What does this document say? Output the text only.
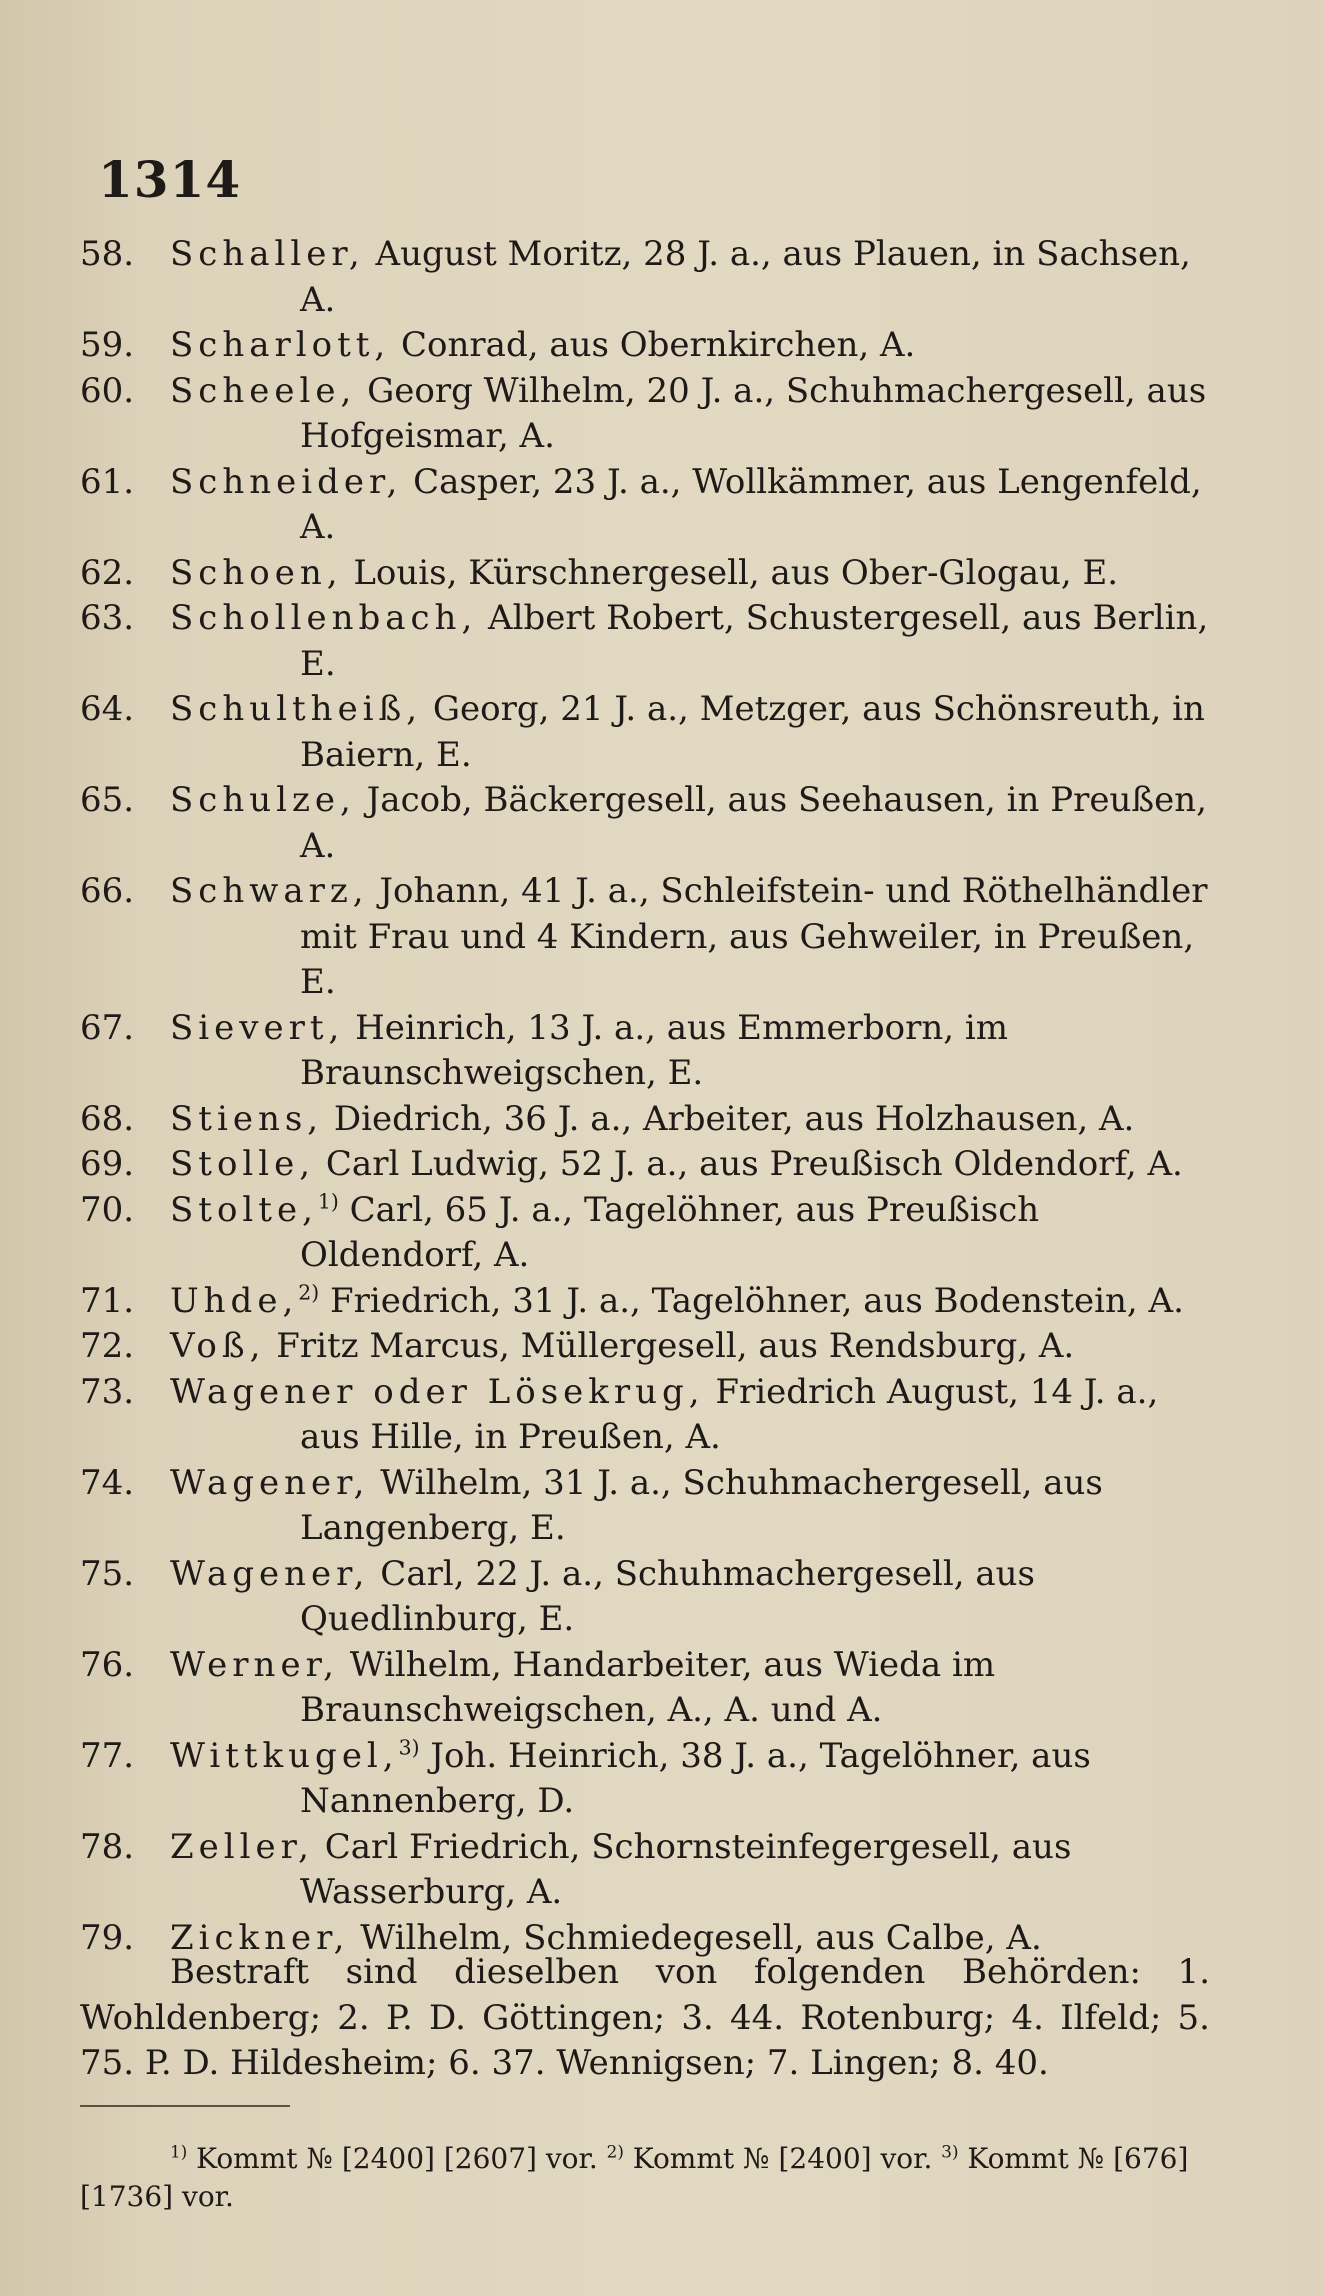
1314

58. Schaller, August Moritz, 28 J. a., aus Plauen, in Sachsen, A.

59. Scharlott, Conrad, aus Obernkirchen, A.

60. Scheele, Georg Wilhelm, 20 J. a., Schuhmachergesell, aus Hofgeismar, A.

61. Schneider, Casper, 23 J. a., Wollkämmer, aus Lengenfeld, A.

62. Schoen, Louis, Kürschnergesell, aus Ober-Glogau, E.

63. Schollenbach, Albert Robert, Schustergesell, aus Berlin, E.

64. Schultheiß, Georg, 21 J. a., Metzger, aus Schönsreuth, in Baiern, E.

65. Schulze, Jacob, Bäckergesell, aus Seehausen, in Preußen, A.

66. Schwarz, Johann, 41 J. a., Schleifstein- und Röthelhändler mit Frau und 4 Kindern, aus Gehweiler, in Preußen, E.

67. Sievert, Heinrich, 13 J. a., aus Emmerborn, im Braunschweigschen, E.

68. Stiens, Diedrich, 36 J. a., Arbeiter, aus Holzhausen, A.

69. Stolle, Carl Ludwig, 52 J. a., aus Preußisch Oldendorf, A.

70. Stolte,$^{1)}$ Carl, 65 J. a., Tagelöhner, aus Preußisch Oldendorf, A.

71. Uhde,$^{2)}$ Friedrich, 31 J. a., Tagelöhner, aus Bodenstein, A.

72. Voß, Fritz Marcus, Müllergesell, aus Rendsburg, A.

73. Wagener oder Lösekrug, Friedrich August, 14 J. a., aus Hille, in Preußen, A.

74. Wagener, Wilhelm, 31 J. a., Schuhmachergesell, aus Langenberg, E.

75. Wagener, Carl, 22 J. a., Schuhmachergesell, aus Quedlinburg, E.

76. Werner, Wilhelm, Handarbeiter, aus Wieda im Braunschweigschen, A., A. und A.

77. Wittkugel,$^{3)}$ Joh. Heinrich, 38 J. a., Tagelöhner, aus Nannenberg, D.

78. Zeller, Carl Friedrich, Schornsteinfegergesell, aus Wasserburg, A.

79. Zickner, Wilhelm, Schmiedegesell, aus Calbe, A.

Bestraft sind dieselben von folgenden Behörden: 1. Wohldenberg; 2. P. D. Göttingen; 3. 44. Rotenburg; 4. Ilfeld; 5. 75. P. D. Hildesheim; 6. 37. Wennigsen; 7. Lingen; 8. 40.

$^{1)}$ Kommt № [2400] [2607] vor. $^{2)}$ Kommt № [2400] vor. $^{3)}$ Kommt № [676] [1736] vor.
